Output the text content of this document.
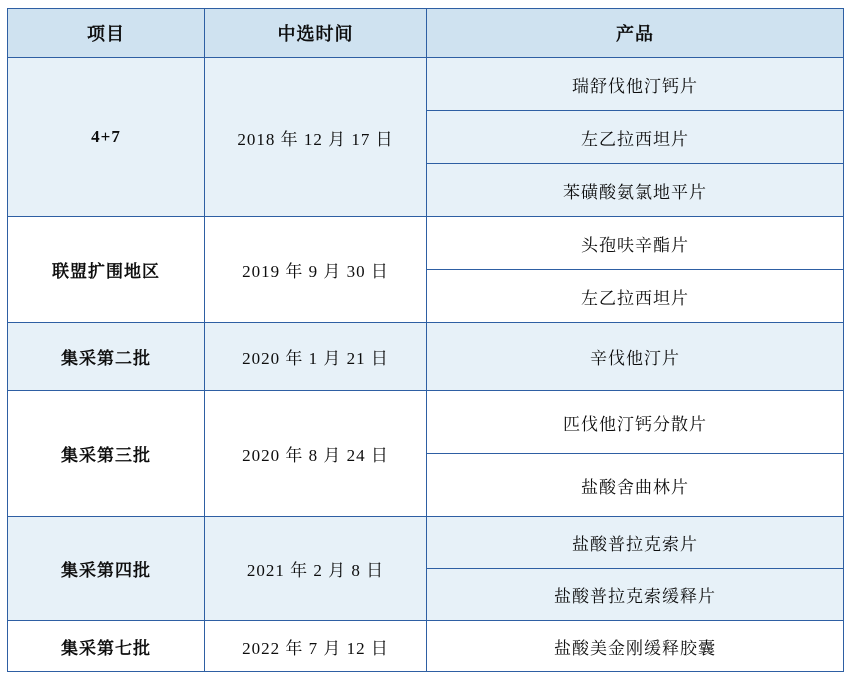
项目	中选时间	产品
4+7	2018 年 12 月 17 日	瑞舒伐他汀钙片
		左乙拉西坦片
		苯磺酸氨氯地平片
联盟扩围地区	2019 年 9 月 30 日	头孢呋辛酯片
		左乙拉西坦片
集采第二批	2020 年 1 月 21 日	辛伐他汀片
集采第三批	2020 年 8 月 24 日	匹伐他汀钙分散片
		盐酸舍曲林片
集采第四批	2021 年 2 月 8 日	盐酸普拉克索片
		盐酸普拉克索缓释片
集采第七批	2022 年 7 月 12 日	盐酸美金刚缓释胶囊
